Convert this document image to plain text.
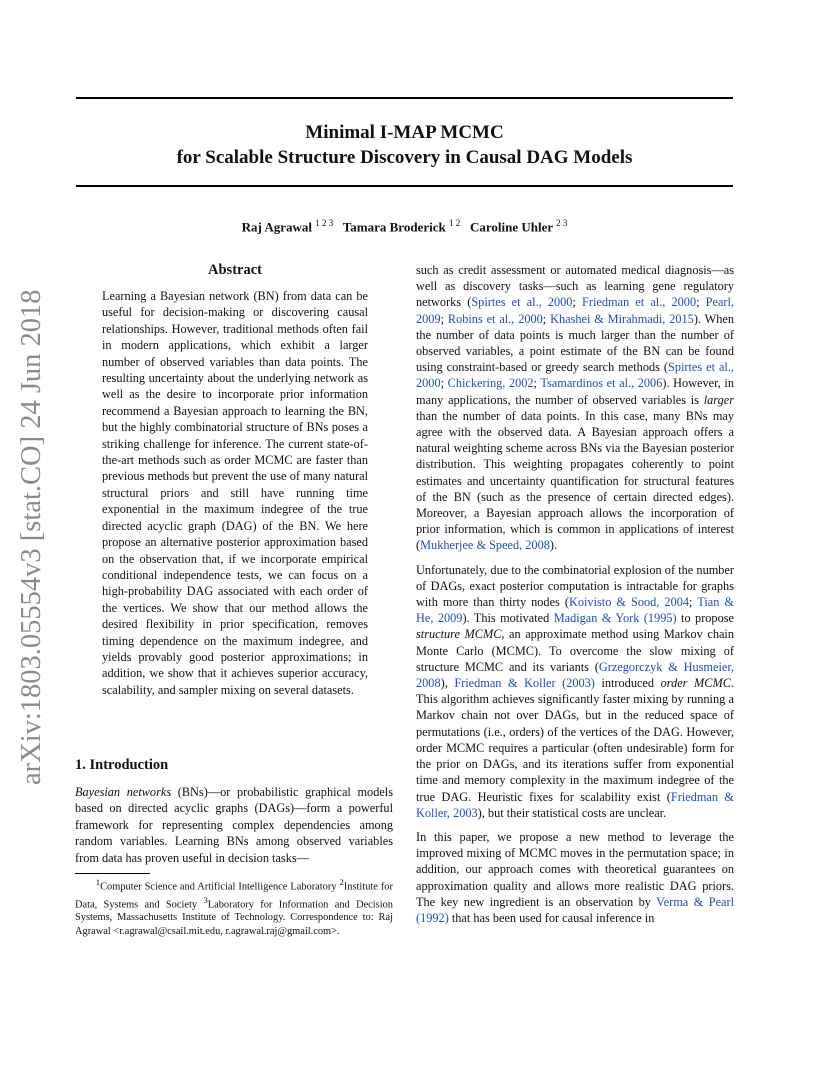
Minimal I-MAP MCMC
for Scalable Structure Discovery in Causal DAG Models
Raj Agrawal $^{1 2 3}$ Tamara Broderick $^{1 2}$ Caroline Uhler $^{2 3}$
arXiv:1803.05554v3 [stat.CO] 24 Jun 2018
Abstract

Learning a Bayesian network (BN) from data can be useful for decision-making or discovering causal relationships. However, traditional methods often fail in modern applications, which exhibit a larger number of observed variables than data points. The resulting uncertainty about the underlying network as well as the desire to incorporate prior information recommend a Bayesian approach to learning the BN, but the highly combinatorial structure of BNs poses a striking challenge for inference. The current state-of-the-art methods such as order MCMC are faster than previous methods but prevent the use of many natural structural priors and still have running time exponential in the maximum indegree of the true directed acyclic graph (DAG) of the BN. We here propose an alternative posterior approximation based on the observation that, if we incorporate empirical conditional independence tests, we can focus on a high-probability DAG associated with each order of the vertices. We show that our method allows the desired flexibility in prior specification, removes timing dependence on the maximum indegree, and yields provably good posterior approximations; in addition, we show that it achieves superior accuracy, scalability, and sampler mixing on several datasets.

1. Introduction

Bayesian networks (BNs)—or probabilistic graphical models based on directed acyclic graphs (DAGs)—form a powerful framework for representing complex dependencies among random variables. Learning BNs among observed variables from data has proven useful in decision tasks—

$^1$Computer Science and Artificial Intelligence Laboratory $^2$Institute for Data, Systems and Society $^3$Laboratory for Information and Decision Systems, Massachusetts Institute of Technology. Correspondence to: Raj Agrawal <r.agrawal@csail.mit.edu, r.agrawal.raj@gmail.com>.

such as credit assessment or automated medical diagnosis—as well as discovery tasks—such as learning gene regulatory networks (Spirtes et al., 2000; Friedman et al., 2000; Pearl, 2009; Robins et al., 2000; Khashei & Mirahmadi, 2015). When the number of data points is much larger than the number of observed variables, a point estimate of the BN can be found using constraint-based or greedy search methods (Spirtes et al., 2000; Chickering, 2002; Tsamardinos et al., 2006). However, in many applications, the number of observed variables is larger than the number of data points. In this case, many BNs may agree with the observed data. A Bayesian approach offers a natural weighting scheme across BNs via the Bayesian posterior distribution. This weighting propagates coherently to point estimates and uncertainty quantification for structural features of the BN (such as the presence of certain directed edges). Moreover, a Bayesian approach allows the incorporation of prior information, which is common in applications of interest (Mukherjee & Speed, 2008).

Unfortunately, due to the combinatorial explosion of the number of DAGs, exact posterior computation is intractable for graphs with more than thirty nodes (Koivisto & Sood, 2004; Tian & He, 2009). This motivated Madigan & York (1995) to propose structure MCMC, an approximate method using Markov chain Monte Carlo (MCMC). To overcome the slow mixing of structure MCMC and its variants (Grzegorczyk & Husmeier, 2008), Friedman & Koller (2003) introduced order MCMC. This algorithm achieves significantly faster mixing by running a Markov chain not over DAGs, but in the reduced space of permutations (i.e., orders) of the vertices of the DAG. However, order MCMC requires a particular (often undesirable) form for the prior on DAGs, and its iterations suffer from exponential time and memory complexity in the maximum indegree of the true DAG. Heuristic fixes for scalability exist (Friedman & Koller, 2003), but their statistical costs are unclear.

In this paper, we propose a new method to leverage the improved mixing of MCMC moves in the permutation space; in addition, our approach comes with theoretical guarantees on approximation quality and allows more realistic DAG priors. The key new ingredient is an observation by Verma & Pearl (1992) that has been used for causal inference in
